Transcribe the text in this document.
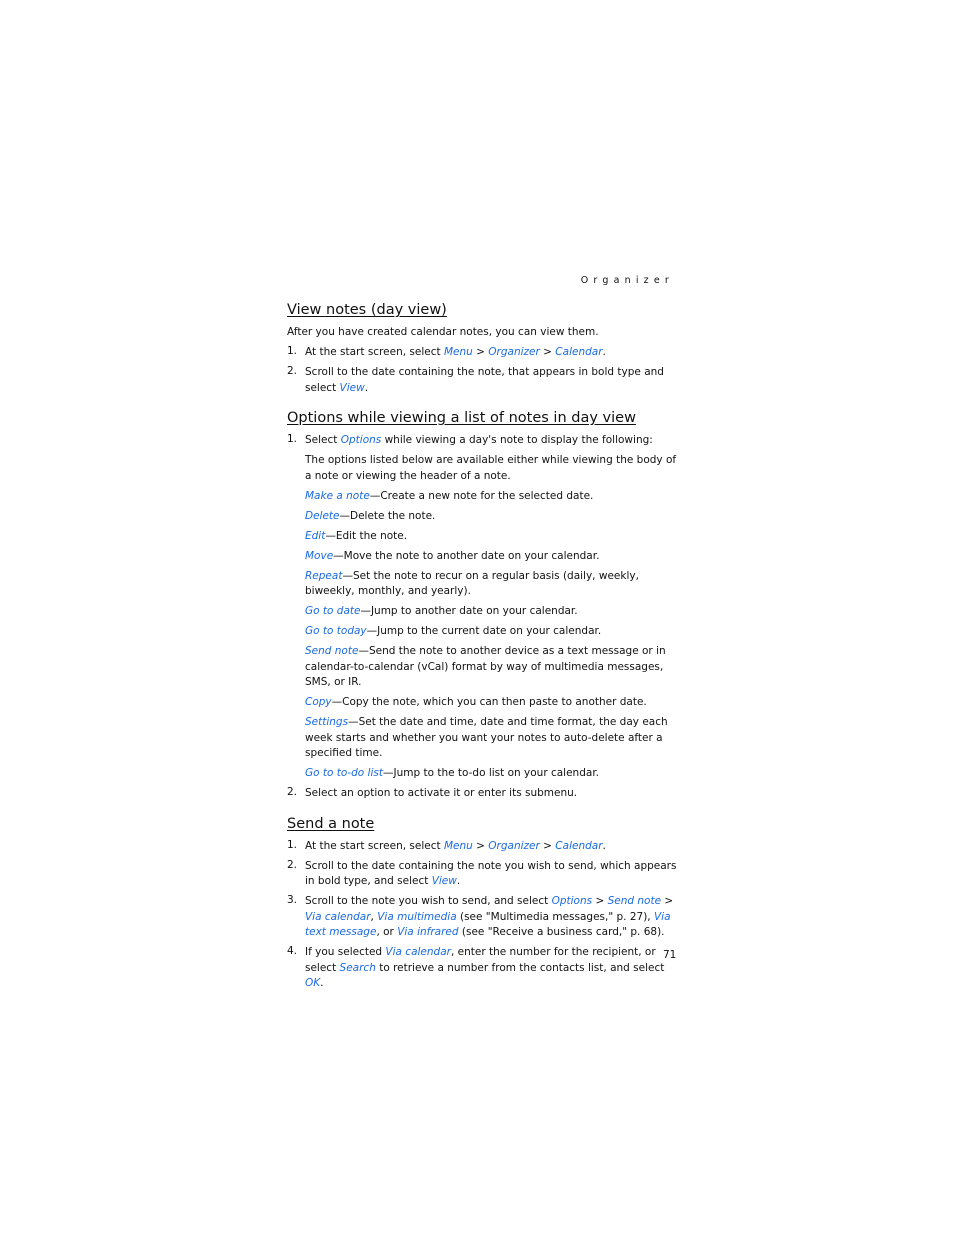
Organizer
View notes (day view)

After you have created calendar notes, you can view them.

1. At the start screen, select Menu > Organizer > Calendar.

2. Scroll to the date containing the note, that appears in bold type and select View.

Options while viewing a list of notes in day view
1. Select Options while viewing a day's note to display the following:

The options listed below are available either while viewing the body of a note or viewing the header of a note.

Make a note—Create a new note for the selected date.

Delete—Delete the note.

Edit—Edit the note.

Move—Move the note to another date on your calendar.

Repeat—Set the note to recur on a regular basis (daily, weekly, biweekly, monthly, and yearly).

Go to date—Jump to another date on your calendar.

Go to today—Jump to the current date on your calendar.

Send note—Send the note to another device as a text message or in calendar-to-calendar (vCal) format by way of multimedia messages, SMS, or IR.

Copy—Copy the note, which you can then paste to another date.

Settings—Set the date and time, date and time format, the day each week starts and whether you want your notes to auto-delete after a specified time.

Go to to-do list—Jump to the to-do list on your calendar.

2. Select an option to activate it or enter its submenu.

Send a note
1. At the start screen, select Menu > Organizer > Calendar.

2. Scroll to the date containing the note you wish to send, which appears in bold type, and select View.

3. Scroll to the note you wish to send, and select Options > Send note > Via calendar, Via multimedia (see "Multimedia messages," p. 27), Via text message, or Via infrared (see "Receive a business card," p. 68).

4. If you selected Via calendar, enter the number for the recipient, or select Search to retrieve a number from the contacts list, and select OK.

71
